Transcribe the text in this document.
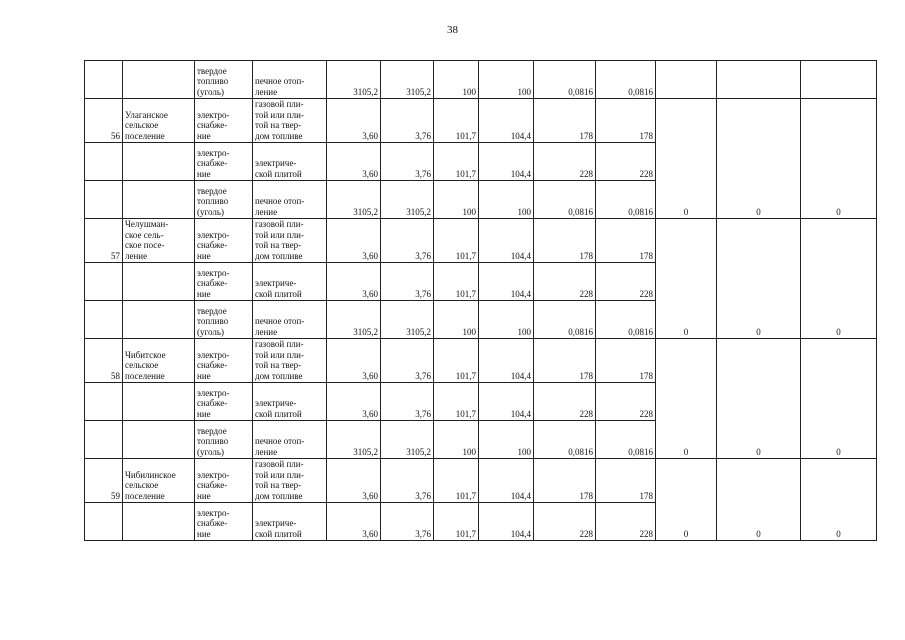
38
		твердое
топливо
(уголь)	печное отоп-
ление	3105,2	3105,2	100	100	0,0816	0,0816			
56	Улаганское
сельское
поселение	электро-
снабже-
ние	газовой пли-
той или пли-
той на твер-
дом топливе	3,60	3,76	101,7	104,4	178	178	0	0	0
		электро-
снабже-
ние	электриче-
ской плитой	3,60	3,76	101,7	104,4	228	228			
		твердое
топливо
(уголь)	печное отоп-
ление	3105,2	3105,2	100	100	0,0816	0,0816			
57	Челушман-
ское сель-
ское посе-
ление	электро-
снабже-
ние	газовой пли-
той или пли-
той на твер-
дом топливе	3,60	3,76	101,7	104,4	178	178	0	0	0
		электро-
снабже-
ние	электриче-
ской плитой	3,60	3,76	101,7	104,4	228	228			
		твердое
топливо
(уголь)	печное отоп-
ление	3105,2	3105,2	100	100	0,0816	0,0816			
58	Чибитское
сельское
поселение	электро-
снабже-
ние	газовой пли-
той или пли-
той на твер-
дом топливе	3,60	3,76	101,7	104,4	178	178	0	0	0
		электро-
снабже-
ние	электриче-
ской плитой	3,60	3,76	101,7	104,4	228	228			
		твердое
топливо
(уголь)	печное отоп-
ление	3105,2	3105,2	100	100	0,0816	0,0816			
59	Чибилинское
сельское
поселение	электро-
снабже-
ние	газовой пли-
той или пли-
той на твер-
дом топливе	3,60	3,76	101,7	104,4	178	178	0	0	0
		электро-
снабже-
ние	электриче-
ской плитой	3,60	3,76	101,7	104,4	228	228			
